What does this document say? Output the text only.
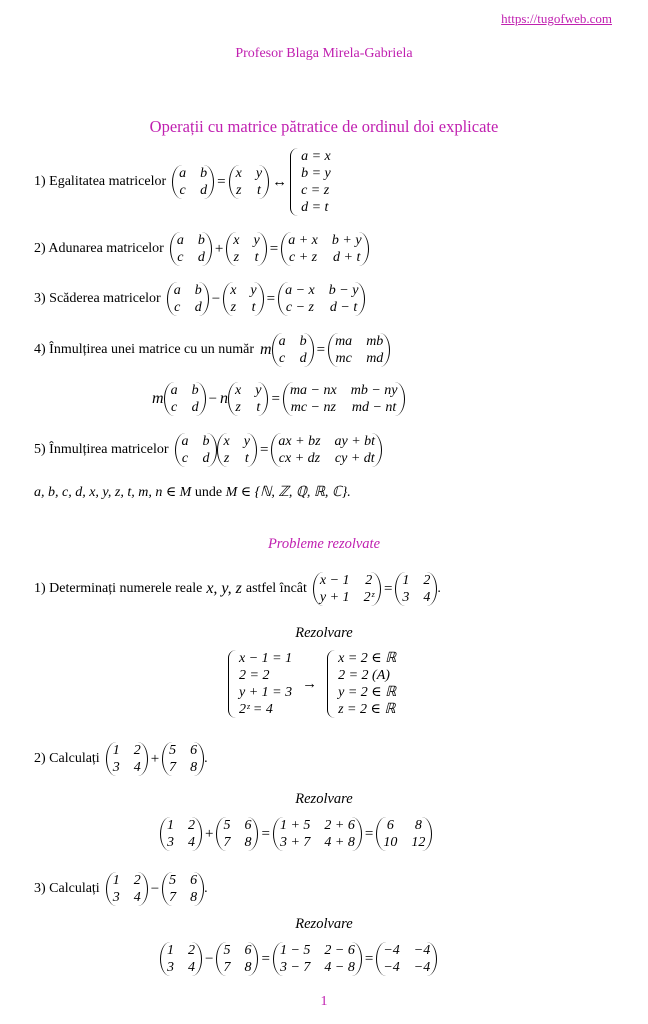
https://tugofweb.com
Profesor Blaga Mirela-Gabriela
Operații cu matrice pătratice de ordinul doi explicate
1) Egalitatea matricelor
a b
c d
= x y
z t
↔
a = x
b = y
c = z
d = t
2) Adunarea matricelor
a b
c d
+ x y
z t
= a + x b + y
c + z d + t
3) Scăderea matricelor
a b
c d
− x y
z t
= a − x b − y
c − z d − t
4) Înmulțirea unei matrice cu un număr m a b
c d
= ma mb
mc md
m a b
c d
− n x y
z t
= ma − nx mb − ny
mc − nz md − nt
5) Înmulțirea matricelor
a b
c d
x y
z t
= ax + bz ay + bt
cx + dz cy + dt
a, b, c, d, x, y, z, t, m, n ∈ M unde M ∈ {ℕ, ℤ, ℚ, ℝ, ℂ}.
Probleme rezolvate
1) Determinați numerele reale x, y, z astfel încât
x − 1 2
y + 1 2ᶻ
= 1 2
3 4
.
Rezolvare
x − 1 = 1
2 = 2
y + 1 = 3
2ᶻ = 4
→
x = 2 ∈ ℝ
2 = 2 (A)
y = 2 ∈ ℝ
z = 2 ∈ ℝ
2) Calculați
1 2
3 4
+ 5 6
7 8
.
Rezolvare
1 2
3 4
+ 5 6
7 8
= 1 + 5 2 + 6
3 + 7 4 + 8
= 6 8
10 12
3) Calculați
1 2
3 4
− 5 6
7 8
.
Rezolvare
1 2
3 4
− 5 6
7 8
= 1 − 5 2 − 6
3 − 7 4 − 8
= −4 −4
−4 −4
1
